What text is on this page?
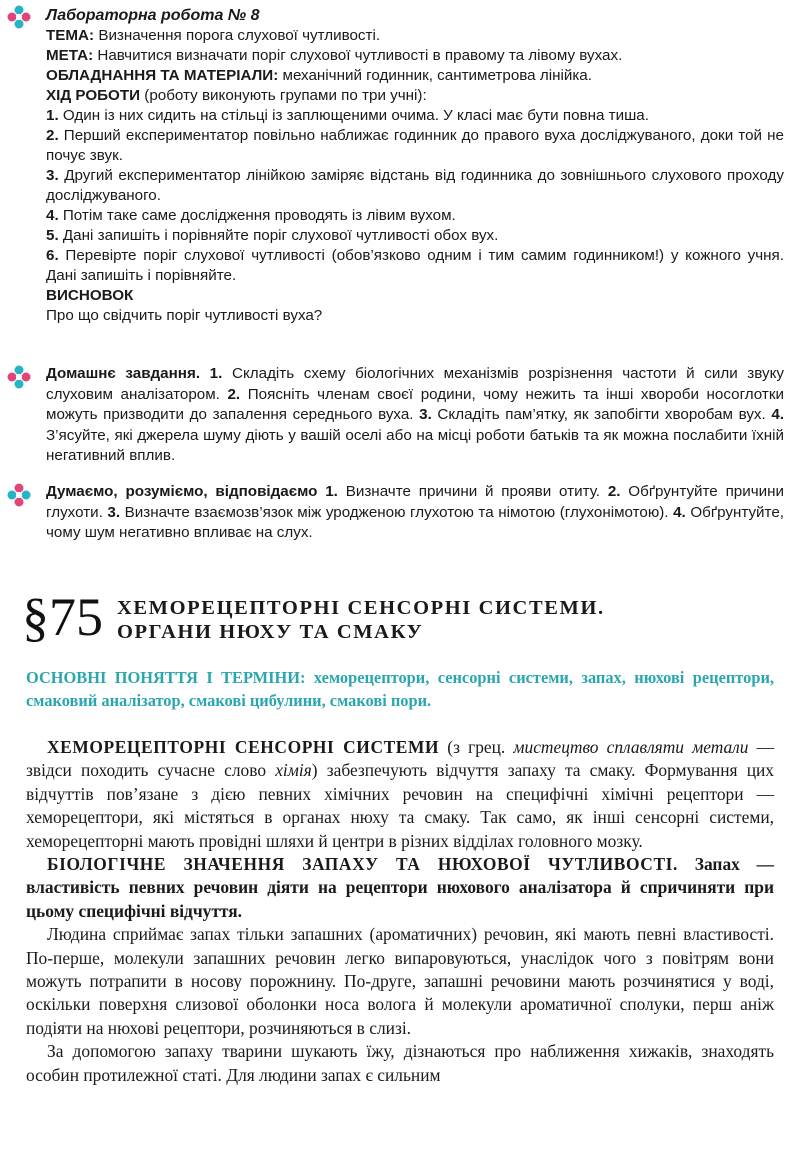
Лабораторна робота № 8

ТЕМА: Визначення порога слухової чутливості.

МЕТА: Навчитися визначати поріг слухової чутливості в правому та лівому вухах.

ОБЛАДНАННЯ ТА МАТЕРІАЛИ: механічний годинник, сантиметрова лінійка.

ХІД РОБОТИ (роботу виконують групами по три учні):

1. Один із них сидить на стільці із заплющеними очима. У класі має бути повна тиша.

2. Перший експериментатор повільно наближає годинник до правого вуха досліджуваного, доки той не почує звук.

3. Другий експериментатор лінійкою заміряє відстань від годинника до зовнішнього слухового проходу досліджуваного.

4. Потім таке саме дослідження проводять із лівим вухом.

5. Дані запишіть і порівняйте поріг слухової чутливості обох вух.

6. Перевірте поріг слухової чутливості (обов’язково одним і тим самим годинником!) у кожного учня. Дані запишіть і порівняйте.

ВИСНОВОК

Про що свідчить поріг чутливості вуха?

Домашнє завдання. 1. Складіть схему біологічних механізмів розрізнення частоти й сили звуку слуховим аналізатором. 2. Поясніть членам своєї родини, чому нежить та інші хвороби носоглотки можуть призводити до запалення середнього вуха. 3. Складіть пам’ятку, як запобігти хворобам вух. 4. З’ясуйте, які джерела шуму діють у вашій оселі або на місці роботи батьків та як можна послабити їхній негативний вплив.

Думаємо, розуміємо, відповідаємо 1. Визначте причини й прояви отиту. 2. Обґрунтуйте причини глухоти. 3. Визначте взаємозв’язок між уродженою глухотою та німотою (глухонімотою). 4. Обґрунтуйте, чому шум негативно впливає на слух.

§75 ХЕМОРЕЦЕПТОРНІ СЕНСОРНІ СИСТЕМИ.
ОРГАНИ НЮХУ ТА СМАКУ
ОСНОВНІ ПОНЯТТЯ І ТЕРМІНИ: хеморецептори, сенсорні системи, запах, нюхові рецептори, смаковий аналізатор, смакові цибулини, смакові пори.

ХЕМОРЕЦЕПТОРНІ СЕНСОРНІ СИСТЕМИ (з грец. мистецтво сплавляти метали — звідси походить сучасне слово хімія) забезпечують відчуття запаху та смаку. Формування цих відчуттів пов’язане з дією певних хімічних речовин на специфічні хімічні рецептори — хеморецептори, які містяться в органах нюху та смаку. Так само, як інші сенсорні системи, хеморецепторні мають провідні шляхи й центри в різних відділах головного мозку.

БІОЛОГІЧНЕ ЗНАЧЕННЯ ЗАПАХУ ТА НЮХОВОЇ ЧУТЛИВОСТІ. Запах — властивість певних речовин діяти на рецептори нюхового аналізатора й спричиняти при цьому специфічні відчуття.

Людина сприймає запах тільки запашних (ароматичних) речовин, які мають певні властивості. По-перше, молекули запашних речовин легко випаровуються, унаслідок чого з повітрям вони можуть потрапити в носову порожнину. По-друге, запашні речовини мають розчинятися у воді, оскільки поверхня слизової оболонки носа волога й молекули ароматичної сполуки, перш аніж подіяти на нюхові рецептори, розчиняються в слизі.

За допомогою запаху тварини шукають їжу, дізнаються про наближення хижаків, знаходять особин протилежної статі. Для людини запах є сильним
